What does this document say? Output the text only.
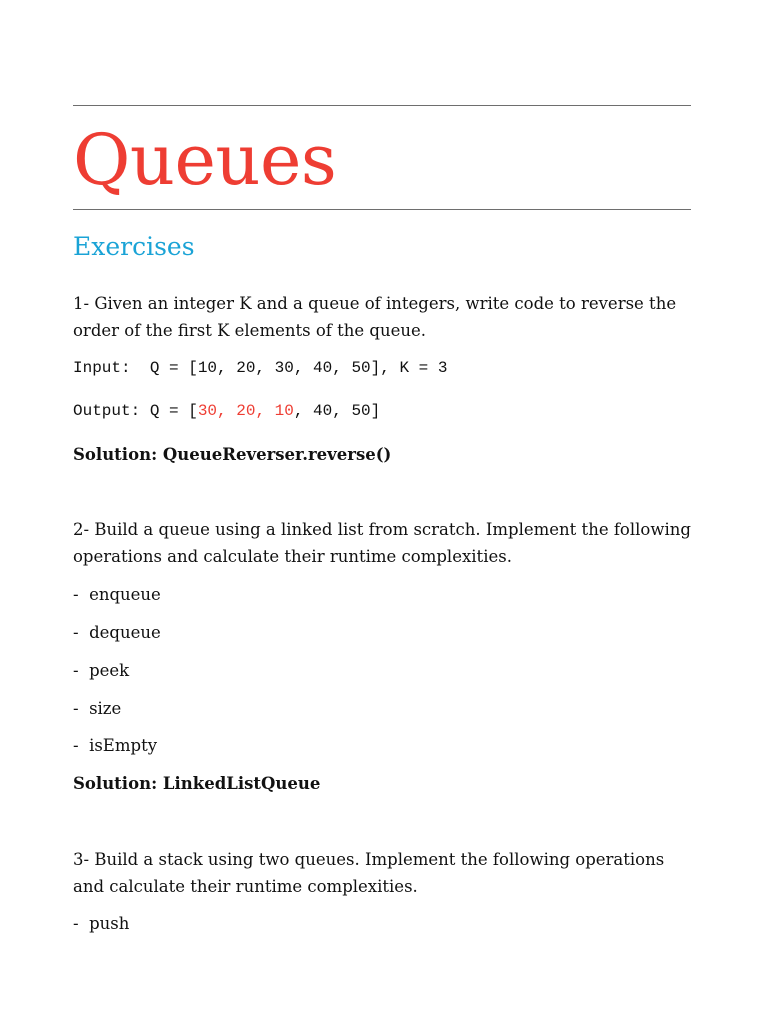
Queues
Exercises

1- Given an integer K and a queue of integers, write code to reverse the order of the first K elements of the queue.

Input:  Q = [10, 20, 30, 40, 50], K = 3
Output: Q = [30, 20, 10, 40, 50]

Solution: QueueReverser.reverse()

2- Build a queue using a linked list from scratch. Implement the following operations and calculate their runtime complexities.

-  enqueue
-  dequeue
-  peek
-  size
-  isEmpty

Solution: LinkedListQueue

3- Build a stack using two queues. Implement the following operations and calculate their runtime complexities.

-  push
